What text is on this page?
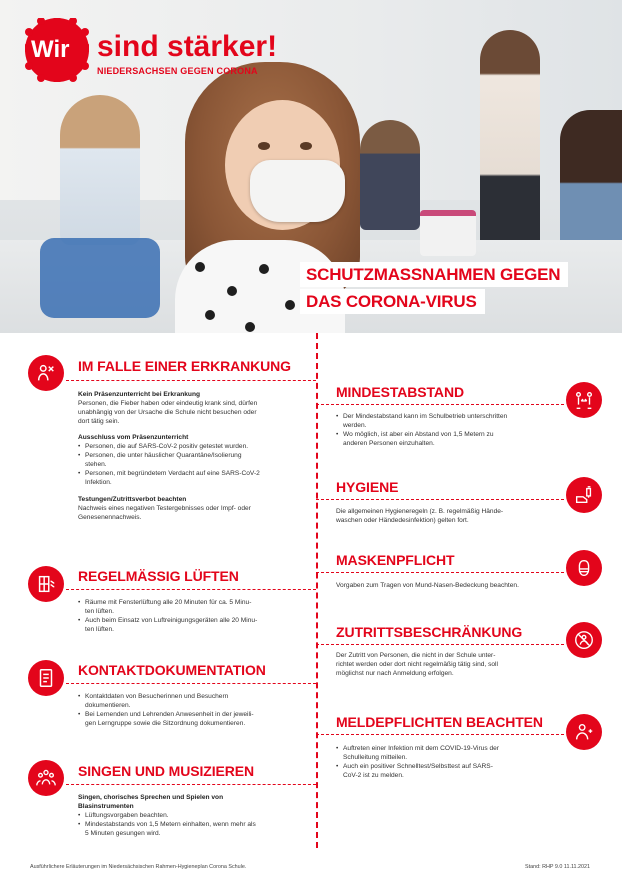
Wir sind stärker!
NIEDERSACHSEN GEGEN CORONA
SCHUTZMASSNAHMEN GEGEN
DAS CORONA-VIRUS
IM FALLE EINER ERKRANKUNG

Kein Präsenzunterricht bei Erkrankung
Personen, die Fieber haben oder eindeutig krank sind, dürfen
unabhängig von der Ursache die Schule nicht besuchen oder
dort tätig sein.

Ausschluss vom Präsenzunterricht

• Personen, die auf SARS-CoV-2 positiv getestet wurden.
• Personen, die unter häuslicher Quarantäne/Isolierung
stehen.
• Personen, mit begründetem Verdacht auf eine SARS-CoV-2
Infektion.

Testungen/Zutrittsverbot beachten
Nachweis eines negativen Testergebnisses oder Impf- oder
Genesenennachweis.

REGELMÄSSIG LÜFTEN
• Räume mit Fensterlüftung alle 20 Minuten für ca. 5 Minu-
ten lüften.
• Auch beim Einsatz von Luftreinigungsgeräten alle 20 Minu-
ten lüften.
KONTAKTDOKUMENTATION
• Kontaktdaten von Besucherinnen und Besuchern
dokumentieren.
• Bei Lernenden und Lehrenden Anwesenheit in der jeweili-
gen Lerngruppe sowie die Sitzordnung dokumentieren.
SINGEN UND MUSIZIEREN

Singen, chorisches Sprechen und Spielen von
Blasinstrumenten

• Lüftungsvorgaben beachten.
• Mindestabstands von 1,5 Metern einhalten, wenn mehr als
5 Minuten gesungen wird.
MINDESTABSTAND
• Der Mindestabstand kann im Schulbetrieb unterschritten
werden.
• Wo möglich, ist aber ein Abstand von 1,5 Metern zu
anderen Personen einzuhalten.
HYGIENE

Die allgemeinen Hygieneregeln (z. B. regelmäßig Hände-
waschen oder Händedesinfektion) gelten fort.

MASKENPFLICHT

Vorgaben zum Tragen von Mund-Nasen-Bedeckung beachten.

ZUTRITTSBESCHRÄNKUNG

Der Zutritt von Personen, die nicht in der Schule unter-
richtet werden oder dort nicht regelmäßig tätig sind, soll
möglichst nur nach Anmeldung erfolgen.

MELDEPFLICHTEN BEACHTEN
• Auftreten einer Infektion mit dem COVID-19-Virus der
Schulleitung mitteilen.
• Auch ein positiver Schnelltest/Selbsttest auf SARS-
CoV-2 ist zu melden.
Ausführlichere Erläuterungen im Niedersächsischen Rahmen-Hygieneplan Corona Schule.	Stand: RHP 9.0 11.11.2021
